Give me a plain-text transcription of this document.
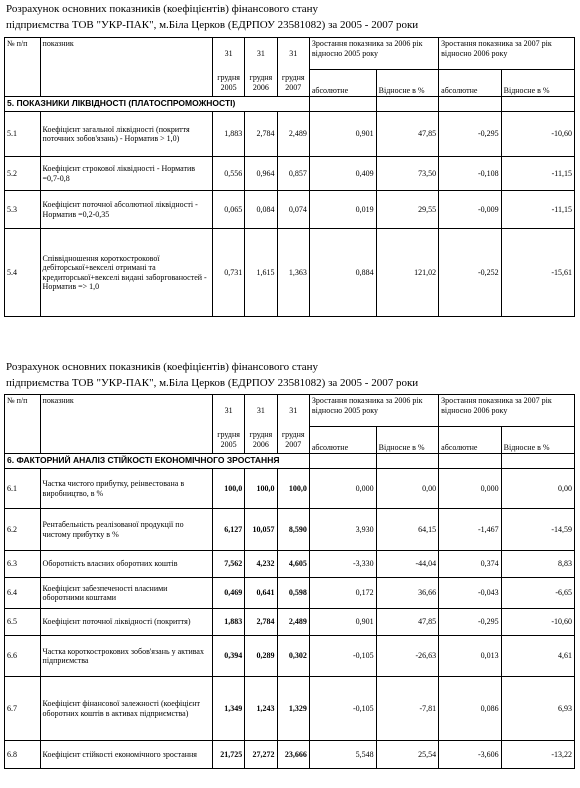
Розрахунок основних показників (коефіцієнтів) фінансового стану
підприємства ТОВ "УКР-ПАК", м.Біла Церков (ЕДРПОУ 23581082) за 2005 - 2007 роки
№ п/п	показник	31	31	31	Зростання показника за 2006 рік відносно 2005 року		Зростання показника за 2007 рік відносно 2006 року	
		грудня 2005	грудня 2006	грудня 2007	абсолютне	Відносне в %	абсолютне	Відносне в %
5. ПОКАЗНИКИ ЛІКВІДНОСТІ (ПЛАТОСПРОМОЖНОСТІ)								
5.1	Коефіцієнт загальної ліквідності (покриття поточних зобов'язань) - Норматив > 1,0)	1,883	2,784	2,489	0,901	47,85	-0,295	-10,60
5.2	Коефіцієнт строкової ліквідності - Норматив =0,7-0,8	0,556	0,964	0,857	0,409	73,50	-0,108	-11,15
5.3	Коефіцієнт поточної абсолютної ліквідності - Норматив =0,2-0,35	0,065	0,084	0,074	0,019	29,55	-0,009	-11,15
5.4	Співвідношення короткострокової дебіторської+векселі отримані та кредиторської+векселі видані заборгованостей - Норматив => 1,0	0,731	1,615	1,363	0,884	121,02	-0,252	-15,61
Розрахунок основних показників (коефіцієнтів) фінансового стану
підприємства ТОВ "УКР-ПАК", м.Біла Церков (ЕДРПОУ 23581082) за 2005 - 2007 роки
№ п/п	показник	31	31	31	Зростання показника за 2006 рік відносно 2005 року		Зростання показника за 2007 рік відносно 2006 року	
		грудня 2005	грудня 2006	грудня 2007	абсолютне	Відносне в %	абсолютне	Відносне в %
6. ФАКТОРНИЙ АНАЛІЗ СТІЙКОСТІ ЕКОНОМІЧНОГО ЗРОСТАННЯ								
6.1	Частка чистого прибутку, реінвестована в виробництво, в %	100,0	100,0	100,0	0,000	0,00	0,000	0,00
6.2	Рентабельність реалізованої продукції по чистому прибутку в %	6,127	10,057	8,590	3,930	64,15	-1,467	-14,59
6.3	Оборотність власних оборотних коштів	7,562	4,232	4,605	-3,330	-44,04	0,374	8,83
6.4	Коефіцієнт забезпеченості власними оборотними коштами	0,469	0,641	0,598	0,172	36,66	-0,043	-6,65
6.5	Коефіцієнт поточної ліквідності (покриття)	1,883	2,784	2,489	0,901	47,85	-0,295	-10,60
6.6	Частка короткострокових зобов'язань у активах підприємства	0,394	0,289	0,302	-0,105	-26,63	0,013	4,61
6.7	Коефіцієнт фінансової залежності (коефіцієнт оборотних коштів в активах підприємства)	1,349	1,243	1,329	-0,105	-7,81	0,086	6,93
6.8	Коефіцієнт стійкості економічного зростання	21,725	27,272	23,666	5,548	25,54	-3,606	-13,22
